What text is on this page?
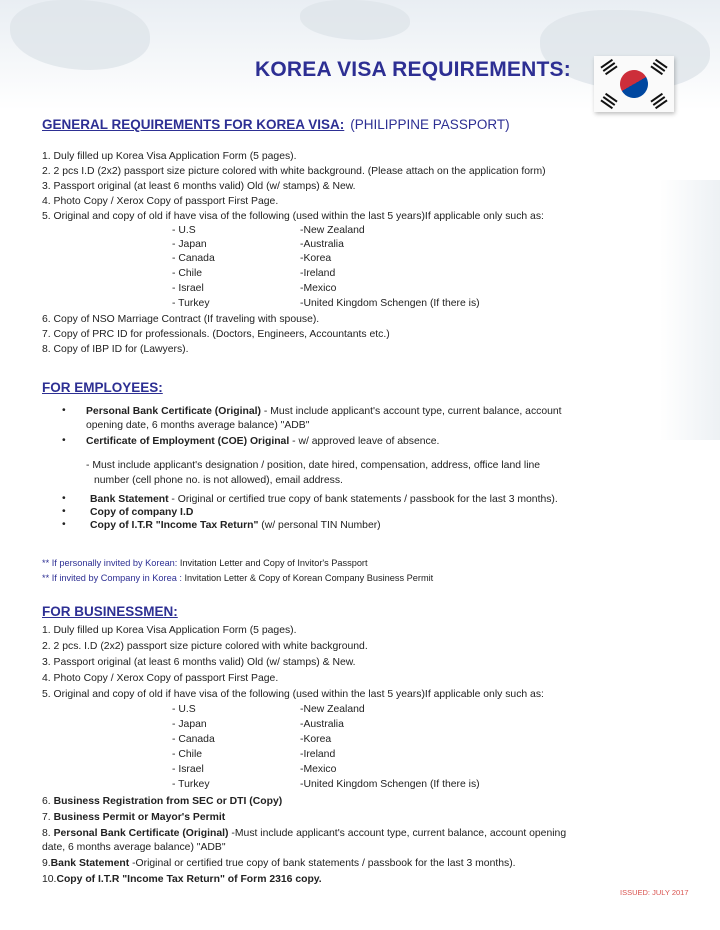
KOREA VISA REQUIREMENTS:
GENERAL REQUIREMENTS FOR KOREA VISA: (PHILIPPINE PASSPORT)
1. Duly filled up Korea Visa Application Form (5 pages).
2. 2 pcs I.D (2x2) passport size picture colored with white background. (Please attach on the application form)
3. Passport original (at least 6 months valid) Old (w/ stamps) & New.
4. Photo Copy / Xerox Copy of passport First Page.
5. Original and copy of old if have visa of the following (used within the last 5 years)If applicable only such as:
- U.S
- Japan
- Canada
- Chile
- Israel
- Turkey
-New Zealand
-Australia
-Korea
-Ireland
-Mexico
-United Kingdom Schengen (If there is)
6. Copy of NSO Marriage Contract (If traveling with spouse).
7. Copy of PRC ID for professionals. (Doctors, Engineers, Accountants etc.)
8. Copy of IBP ID for (Lawyers).
FOR EMPLOYEES:
• Personal Bank Certificate (Original) - Must include applicant's account type, current balance, account
opening date, 6 months average balance) "ADB"
• Certificate of Employment (COE) Original - w/ approved leave of absence.
- Must include applicant's designation / position, date hired, compensation, address, office land line
number (cell phone no. is not allowed), email address.
• Bank Statement - Original or certified true copy of bank statements / passbook for the last 3 months).
• Copy of company I.D
• Copy of I.T.R "Income Tax Return" (w/ personal TIN Number)
** If personally invited by Korean: Invitation Letter and Copy of Invitor's Passport
** If invited by Company in Korea : Invitation Letter & Copy of Korean Company Business Permit
FOR BUSINESSMEN:
1. Duly filled up Korea Visa Application Form (5 pages).
2. 2 pcs. I.D (2x2) passport size picture colored with white background.
3. Passport original (at least 6 months valid) Old (w/ stamps) & New.
4. Photo Copy / Xerox Copy of passport First Page.
5. Original and copy of old if have visa of the following (used within the last 5 years)If applicable only such as:
- U.S
- Japan
- Canada
- Chile
- Israel
- Turkey
-New Zealand
-Australia
-Korea
-Ireland
-Mexico
-United Kingdom Schengen (If there is)
6. Business Registration from SEC or DTI (Copy)
7. Business Permit or Mayor's Permit
8. Personal Bank Certificate (Original) -Must include applicant's account type, current balance, account opening
date, 6 months average balance) "ADB"
9.Bank Statement -Original or certified true copy of bank statements / passbook for the last 3 months).
10.Copy of I.T.R "Income Tax Return" of Form 2316 copy.
ISSUED: JULY 2017
